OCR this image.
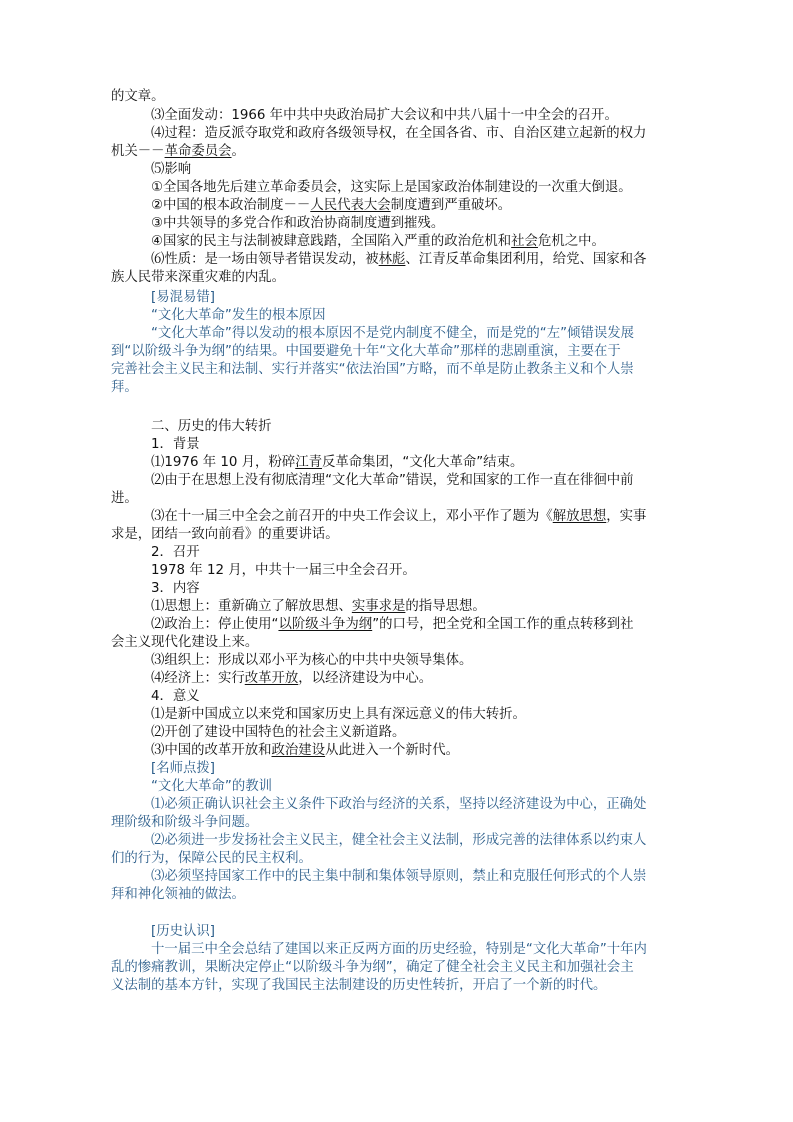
的文章。
⑶全面发动：1966 年中共中央政治局扩大会议和中共八届十一中全会的召开。
⑷过程：造反派夺取党和政府各级领导权，在全国各省、市、自治区建立起新的权力
机关－－革命委员会。
⑸影响
①全国各地先后建立革命委员会，这实际上是国家政治体制建设的一次重大倒退。
②中国的根本政治制度－－人民代表大会制度遭到严重破坏。
③中共领导的多党合作和政治协商制度遭到摧残。
④国家的民主与法制被肆意践踏，全国陷入严重的政治危机和社会危机之中。
⑹性质：是一场由领导者错误发动，被林彪、江青反革命集团利用，给党、国家和各
族人民带来深重灾难的内乱。
[易混易错]
“文化大革命”发生的根本原因
“文化大革命”得以发动的根本原因不是党内制度不健全，而是党的“左”倾错误发展
到“以阶级斗争为纲”的结果。中国要避免十年“文化大革命”那样的悲剧重演，主要在于
完善社会主义民主和法制、实行并落实“依法治国”方略，而不单是防止教条主义和个人崇
拜。
二、历史的伟大转折
1．背景
⑴1976 年 10 月，粉碎江青反革命集团，“文化大革命”结束。
⑵由于在思想上没有彻底清理“文化大革命”错误，党和国家的工作一直在徘徊中前
进。
⑶在十一届三中全会之前召开的中央工作会议上，邓小平作了题为《解放思想，实事
求是，团结一致向前看》的重要讲话。
2．召开
1978 年 12 月，中共十一届三中全会召开。
3．内容
⑴思想上：重新确立了解放思想、实事求是的指导思想。
⑵政治上：停止使用“以阶级斗争为纲”的口号，把全党和全国工作的重点转移到社
会主义现代化建设上来。
⑶组织上：形成以邓小平为核心的中共中央领导集体。
⑷经济上：实行改革开放，以经济建设为中心。
4．意义
⑴是新中国成立以来党和国家历史上具有深远意义的伟大转折。
⑵开创了建设中国特色的社会主义新道路。
⑶中国的改革开放和政治建设从此进入一个新时代。
[名师点拨]
“文化大革命”的教训
⑴必须正确认识社会主义条件下政治与经济的关系，坚持以经济建设为中心，正确处
理阶级和阶级斗争问题。
⑵必须进一步发扬社会主义民主，健全社会主义法制，形成完善的法律体系以约束人
们的行为，保障公民的民主权利。
⑶必须坚持国家工作中的民主集中制和集体领导原则，禁止和克服任何形式的个人崇
拜和神化领袖的做法。
[历史认识]
十一届三中全会总结了建国以来正反两方面的历史经验，特别是“文化大革命”十年内
乱的惨痛教训，果断决定停止“以阶级斗争为纲”，确定了健全社会主义民主和加强社会主
义法制的基本方针，实现了我国民主法制建设的历史性转折，开启了一个新的时代。
